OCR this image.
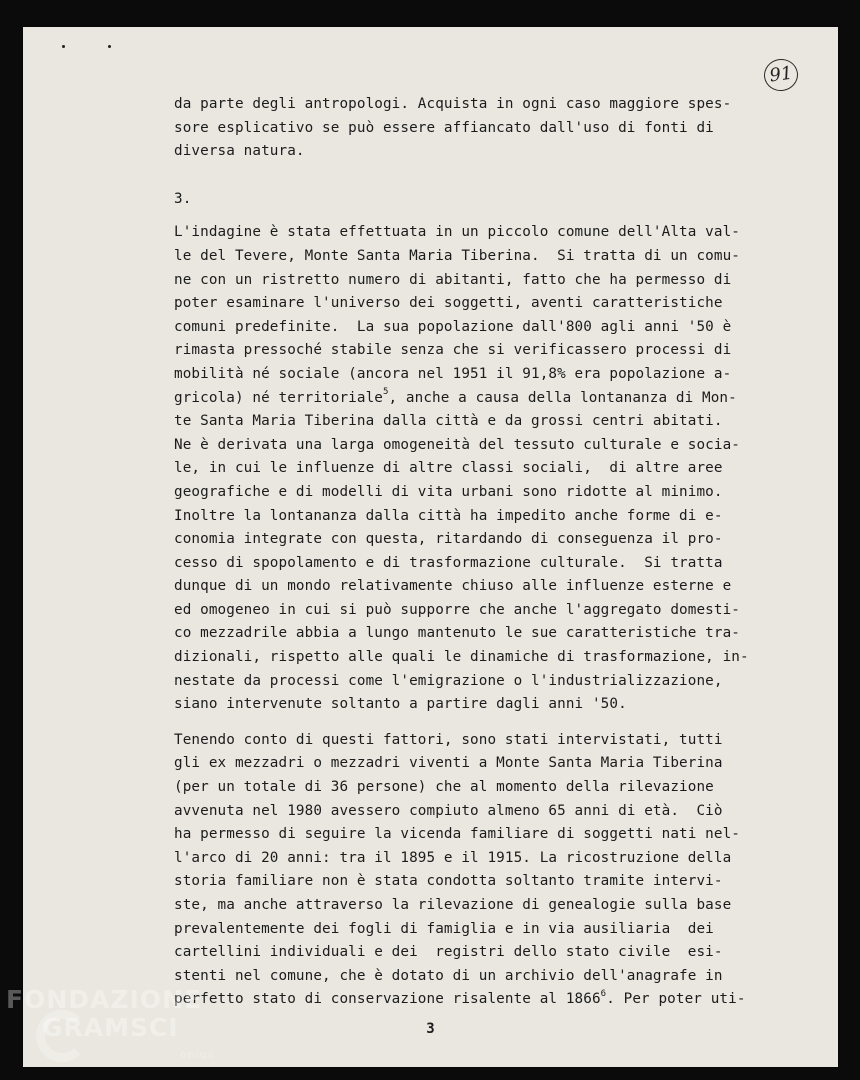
91
da parte degli antropologi. Acquista in ogni caso maggiore spes-
sore esplicativo se può essere affiancato dall'uso di fonti di
diversa natura.
3.
L'indagine è stata effettuata in un piccolo comune dell'Alta val-
le del Tevere, Monte Santa Maria Tiberina.  Si tratta di un comu-
ne con un ristretto numero di abitanti, fatto che ha permesso di
poter esaminare l'universo dei soggetti, aventi caratteristiche
comuni predefinite.  La sua popolazione dall'800 agli anni '50 è
rimasta pressoché stabile senza che si verificassero processi di
mobilità né sociale (ancora nel 1951 il 91,8% era popolazione a-
gricola) né territoriale$^5$, anche a causa della lontananza di Mon-
te Santa Maria Tiberina dalla città e da grossi centri abitati.
Ne è derivata una larga omogeneità del tessuto culturale e socia-
le, in cui le influenze di altre classi sociali,  di altre aree
geografiche e di modelli di vita urbani sono ridotte al minimo.
Inoltre la lontananza dalla città ha impedito anche forme di e-
conomia integrate con questa, ritardando di conseguenza il pro-
cesso di spopolamento e di trasformazione culturale.  Si tratta
dunque di un mondo relativamente chiuso alle influenze esterne e
ed omogeneo in cui si può supporre che anche l'aggregato domesti-
co mezzadrile abbia a lungo mantenuto le sue caratteristiche tra-
dizionali, rispetto alle quali le dinamiche di trasformazione, in-
nestate da processi come l'emigrazione o l'industrializzazione,
siano intervenute soltanto a partire dagli anni '50.
Tenendo conto di questi fattori, sono stati intervistati, tutti
gli ex mezzadri o mezzadri viventi a Monte Santa Maria Tiberina
(per un totale di 36 persone) che al momento della rilevazione
avvenuta nel 1980 avessero compiuto almeno 65 anni di età.  Ciò
ha permesso di seguire la vicenda familiare di soggetti nati nel-
l'arco di 20 anni: tra il 1895 e il 1915. La ricostruzione della
storia familiare non è stata condotta soltanto tramite intervi-
ste, ma anche attraverso la rilevazione di genealogie sulla base
prevalentemente dei fogli di famiglia e in via ausiliaria  dei
cartellini individuali e dei  registri dello stato civile  esi-
stenti nel comune, che è dotato di un archivio dell'anagrafe in
perfetto stato di conservazione risalente al 1866$^6$. Per poter uti-
3
FONDAZIONE
GRAMSCI
onlus
